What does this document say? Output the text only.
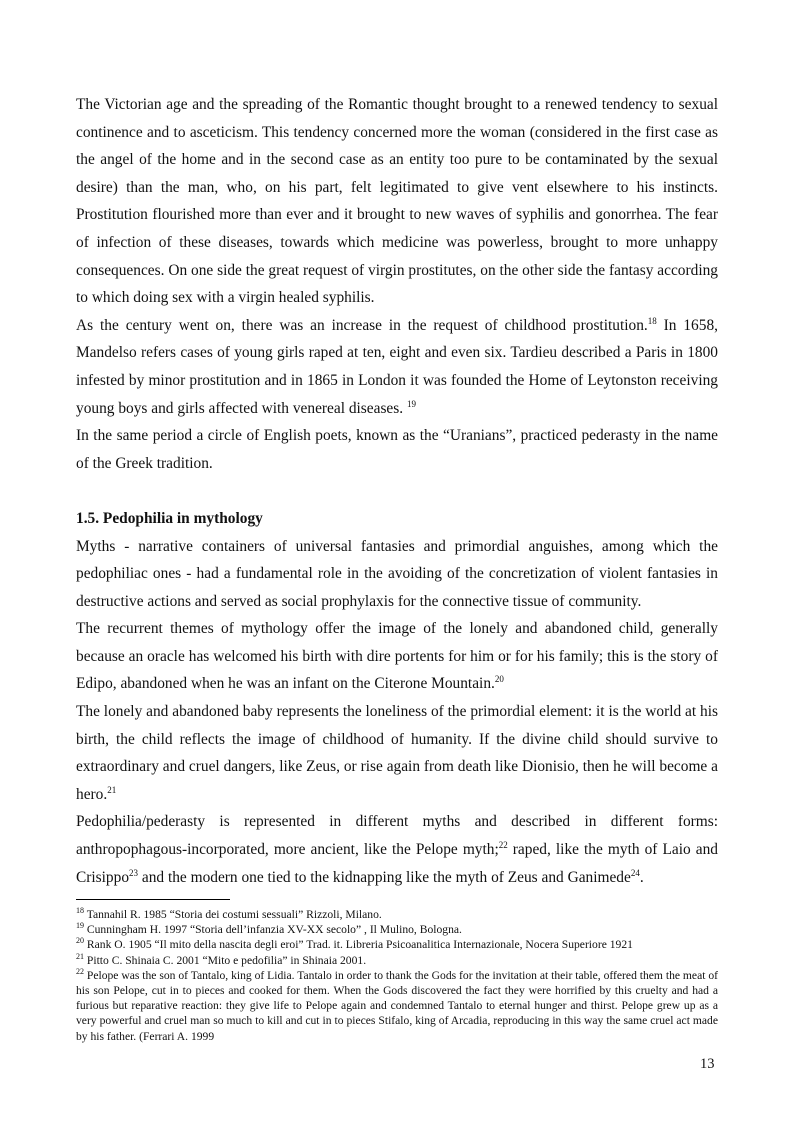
The Victorian age and the spreading of the Romantic thought brought to a renewed tendency to sexual continence and to asceticism. This tendency concerned more the woman (considered in the first case as the angel of the home and in the second case as an entity too pure to be contaminated by the sexual desire) than the man, who, on his part, felt legitimated to give vent elsewhere to his instincts. Prostitution flourished more than ever and it brought to new waves of syphilis and gonorrhea. The fear of infection of these diseases, towards which medicine was powerless, brought to more unhappy consequences. On one side the great request of virgin prostitutes, on the other side the fantasy according to which doing sex with a virgin healed syphilis.

As the century went on, there was an increase in the request of childhood prostitution.$^{18}$ In 1658, Mandelso refers cases of young girls raped at ten, eight and even six. Tardieu described a Paris in 1800 infested by minor prostitution and in 1865 in London it was founded the Home of Leytonston receiving young boys and girls affected with venereal diseases. $^{19}$

In the same period a circle of English poets, known as the “Uranians”, practiced pederasty in the name of the Greek tradition.

1.5. Pedophilia in mythology

Myths - narrative containers of universal fantasies and primordial anguishes, among which the pedophiliac ones - had a fundamental role in the avoiding of the concretization of violent fantasies in destructive actions and served as social prophylaxis for the connective tissue of community.

The recurrent themes of mythology offer the image of the lonely and abandoned child, generally because an oracle has welcomed his birth with dire portents for him or for his family; this is the story of Edipo, abandoned when he was an infant on the Citerone Mountain.$^{20}$

The lonely and abandoned baby represents the loneliness of the primordial element: it is the world at his birth, the child reflects the image of childhood of humanity. If the divine child should survive to extraordinary and cruel dangers, like Zeus, or rise again from death like Dionisio, then he will become a hero.$^{21}$

Pedophilia/pederasty is represented in different myths and described in different forms: anthropophagous-incorporated, more ancient, like the Pelope myth;$^{22}$ raped, like the myth of Laio and Crisippo$^{23}$ and the modern one tied to the kidnapping like the myth of Zeus and Ganimede$^{24}$.

$^{18}$ Tannahil R. 1985 “Storia dei costumi sessuali” Rizzoli, Milano.

$^{19}$ Cunningham H. 1997 “Storia dell’infanzia XV-XX secolo” , Il Mulino, Bologna.

$^{20}$ Rank O. 1905 “Il mito della nascita degli eroi” Trad. it. Libreria Psicoanalitica Internazionale, Nocera Superiore 1921

$^{21}$ Pitto C. Shinaia C. 2001 “Mito e pedofilia” in Shinaia 2001.

$^{22}$ Pelope was the son of Tantalo, king of Lidia. Tantalo in order to thank the Gods for the invitation at their table, offered them the meat of his son Pelope, cut in to pieces and cooked for them. When the Gods discovered the fact they were horrified by this cruelty and had a furious but reparative reaction: they give life to Pelope again and condemned Tantalo to eternal hunger and thirst. Pelope grew up as a very powerful and cruel man so much to kill and cut in to pieces Stifalo, king of Arcadia, reproducing in this way the same cruel act made by his father. (Ferrari A. 1999

13
